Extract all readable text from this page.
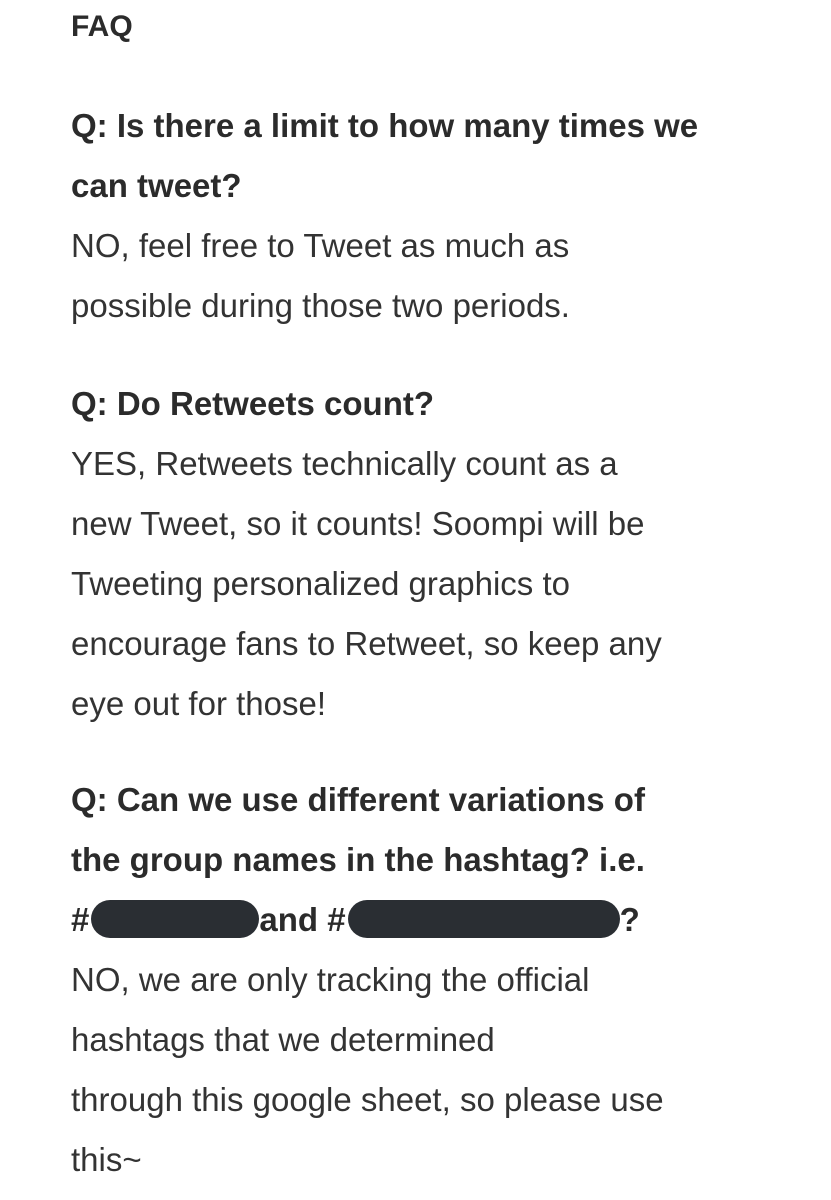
FAQ

Q: Is there a limit to how many times we
can tweet?

NO, feel free to Tweet as much as
possible during those two periods.

Q: Do Retweets count?

YES, Retweets technically count as a
new Tweet, so it counts! Soompi will be
Tweeting personalized graphics to
encourage fans to Retweet, so keep any
eye out for those!

Q: Can we use different variations of
the group names in the hashtag? i.e.
#	and #	?

NO, we are only tracking the official
hashtags that we determined
through this google sheet, so please use
this~
